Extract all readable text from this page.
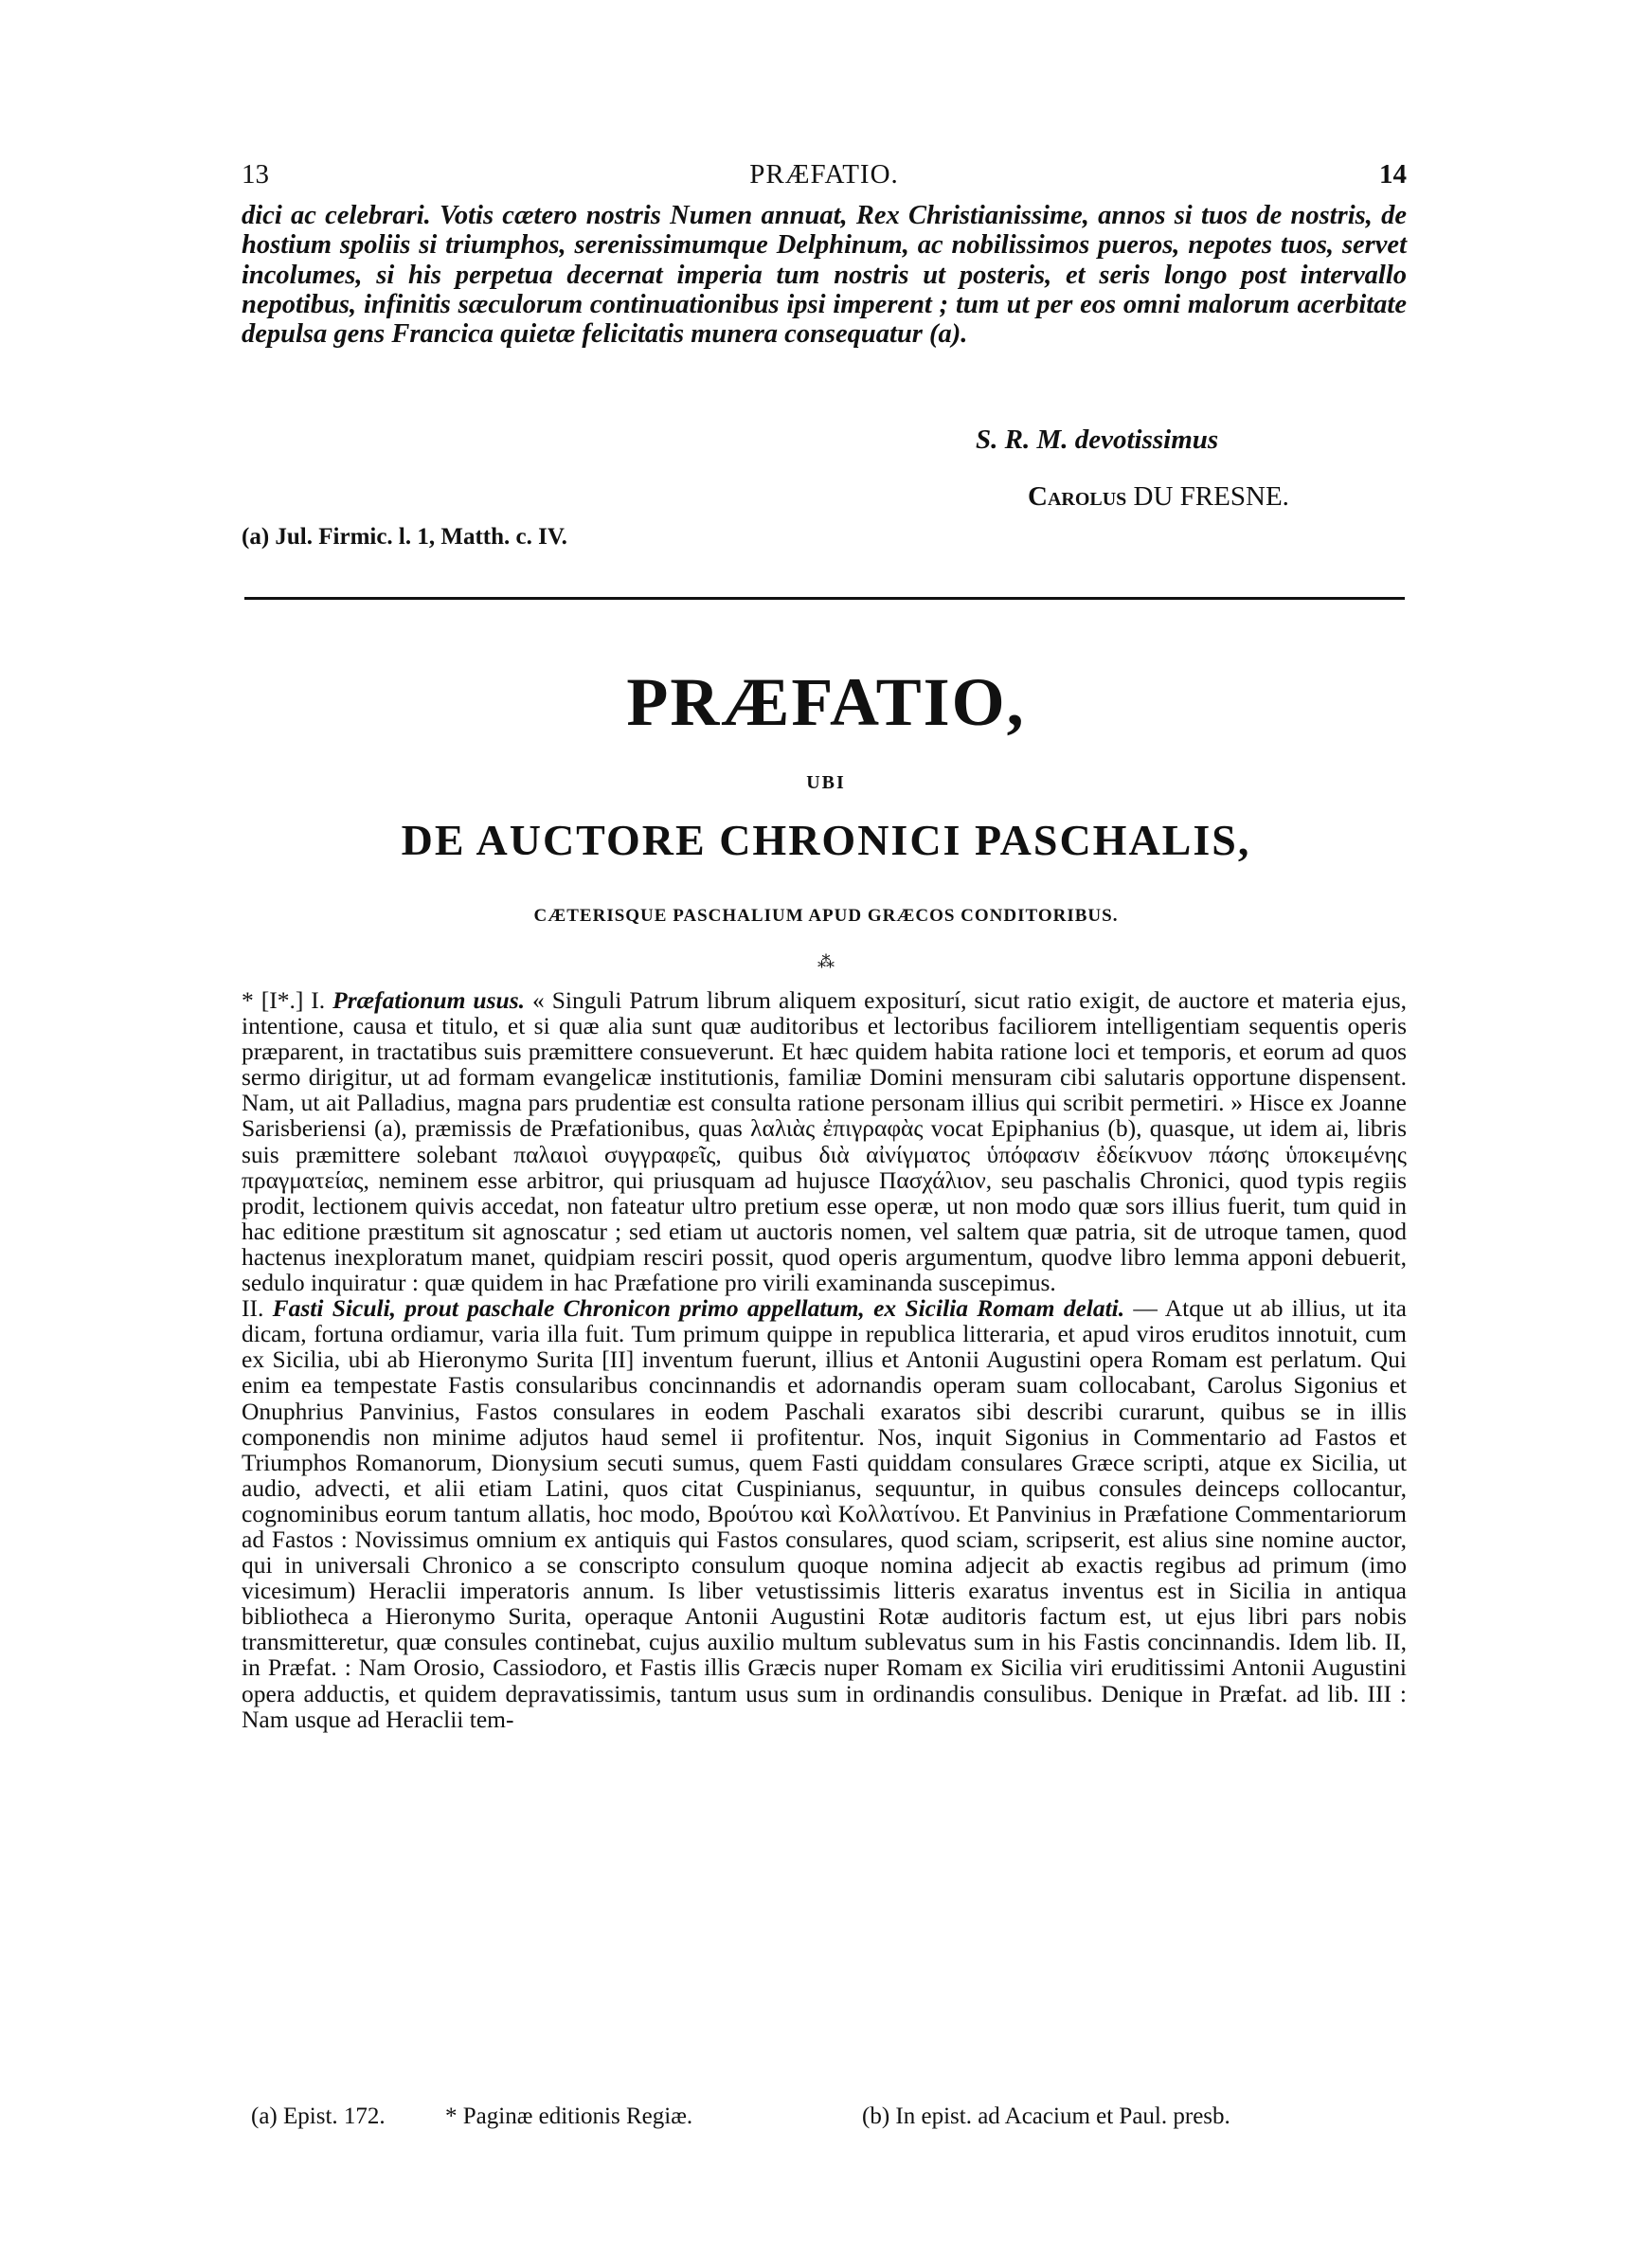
13	PRÆFATIO.	14
dici ac celebrari. Votis cætero nostris Numen annuat, Rex Christianissime, annos si tuos de nostris, de hostium spoliis si triumphos, serenissimumque Delphinum, ac nobilissimos pueros, nepotes tuos, servet incolumes, si his perpetua decernat imperia tum nostris ut posteris, et seris longo post intervallo nepotibus, infinitis sæculorum continuationibus ipsi imperent ; tum ut per eos omni malorum acerbitate depulsa gens Francica quietæ felicitatis munera consequatur (a).
S. R. M. devotissimus
Carolus DU FRESNE.
(a) Jul. Firmic. l. 1, Matth. c. IV.
PRÆFATIO,
UBI
DE AUCTORE CHRONICI PASCHALIS,
CÆTERISQUE PASCHALIUM APUD GRÆCOS CONDITORIBUS.
⁂

* [I*.] I. Præfationum usus. « Singuli Patrum librum aliquem expositurí, sicut ratio exigit, de auctore et materia ejus, intentione, causa et titulo, et si quæ alia sunt quæ auditoribus et lectoribus faciliorem intelligentiam sequentis operis præparent, in tractatibus suis præmittere consueverunt. Et hæc quidem habita ratione loci et temporis, et eorum ad quos sermo dirigitur, ut ad formam evangelicæ institutionis, familiæ Domini mensuram cibi salutaris opportune dispensent. Nam, ut ait Palladius, magna pars prudentiæ est consulta ratione personam illius qui scribit permetiri. » Hisce ex Joanne Sarisberiensi (a), præmissis de Præfationibus, quas λαλιὰς ἐπιγραφὰς vocat Epiphanius (b), quasque, ut idem ai, libris suis præmittere solebant παλαιοὶ συγγραφεῖς, quibus διὰ αἰνίγματος ὑπόφασιν ἐδείκνυον πάσης ὑποκειμένης πραγματείας, neminem esse arbitror, qui priusquam ad hujusce Πασχάλιον, seu paschalis Chronici, quod typis regiis prodit, lectionem quivis accedat, non fateatur ultro pretium esse operæ, ut non modo quæ sors illius fuerit, tum quid in hac editione præstitum sit agnoscatur ; sed etiam ut auctoris nomen, vel saltem quæ patria, sit de utroque tamen, quod hactenus inexploratum manet, quidpiam resciri possit, quod operis argumentum, quodve libro lemma apponi debuerit, sedulo inquiratur : quæ quidem in hac Præfatione pro virili examinanda suscepimus.

II. Fasti Siculi, prout paschale Chronicon primo appellatum, ex Sicilia Romam delati. — Atque ut ab illius, ut ita dicam, fortuna ordiamur, varia illa fuit. Tum primum quippe in republica litteraria, et apud viros eruditos innotuit, cum ex Sicilia, ubi ab Hieronymo Surita [II] inventum fuerunt, illius et Antonii Augustini opera Romam est perlatum. Qui enim ea tempestate Fastis consularibus concinnandis et adornandis operam suam collocabant, Carolus Sigonius et Onuphrius Panvinius, Fastos consulares in eodem Paschali exaratos sibi describi curarunt, quibus se in illis componendis non minime adjutos haud semel ii profitentur. Nos, inquit Sigonius in Commentario ad Fastos et Triumphos Romanorum, Dionysium secuti sumus, quem Fasti quiddam consulares Græce scripti, atque ex Sicilia, ut audio, advecti, et alii etiam Latini, quos citat Cuspinianus, sequuntur, in quibus consules deinceps collocantur, cognominibus eorum tantum allatis, hoc modo, Βρούτου καὶ Κολλατίνου. Et Panvinius in Præfatione Commentariorum ad Fastos : Novissimus omnium ex antiquis qui Fastos consulares, quod sciam, scripserit, est alius sine nomine auctor, qui in universali Chronico a se conscripto consulum quoque nomina adjecit ab exactis regibus ad primum (imo vicesimum) Heraclii imperatoris annum. Is liber vetustissimis litteris exaratus inventus est in Sicilia in antiqua bibliotheca a Hieronymo Surita, operaque Antonii Augustini Rotæ auditoris factum est, ut ejus libri pars nobis transmitteretur, quæ consules continebat, cujus auxilio multum sublevatus sum in his Fastis concinnandis. Idem lib. II, in Præfat. : Nam Orosio, Cassiodoro, et Fastis illis Græcis nuper Romam ex Sicilia viri eruditissimi Antonii Augustini opera adductis, et quidem depravatissimis, tantum usus sum in ordinandis consulibus. Denique in Præfat. ad lib. III : Nam usque ad Heraclii tem-

(a) Epist. 172.	* Paginæ editionis Regiæ.	(b) In epist. ad Acacium et Paul. presb.
